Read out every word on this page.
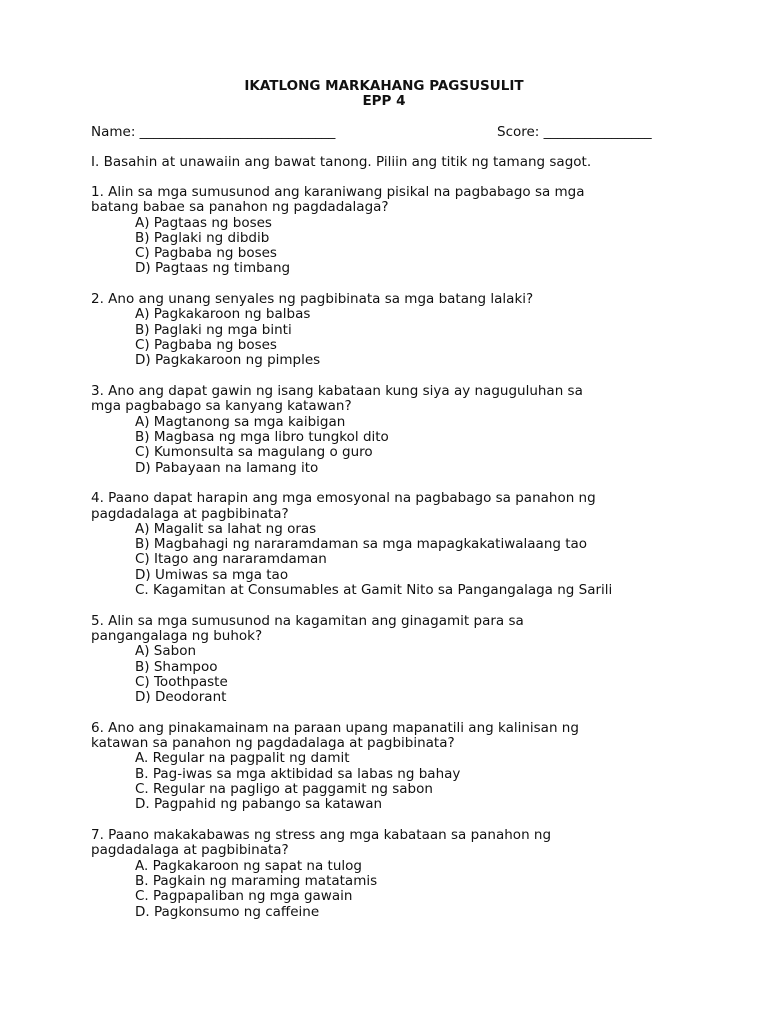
IKATLONG MARKAHANG PAGSUSULIT
EPP 4
Name: _____________________________	Score: ________________
I. Basahin at unawaiin ang bawat tanong. Piliin ang titik ng tamang sagot.
1. Alin sa mga sumusunod ang karaniwang pisikal na pagbabago sa mga
batang babae sa panahon ng pagdadalaga?
A) Pagtaas ng boses
B) Paglaki ng dibdib
C) Pagbaba ng boses
D) Pagtaas ng timbang
2. Ano ang unang senyales ng pagbibinata sa mga batang lalaki?
A) Pagkakaroon ng balbas
B) Paglaki ng mga binti
C) Pagbaba ng boses
D) Pagkakaroon ng pimples
3. Ano ang dapat gawin ng isang kabataan kung siya ay naguguluhan sa
mga pagbabago sa kanyang katawan?
A) Magtanong sa mga kaibigan
B) Magbasa ng mga libro tungkol dito
C) Kumonsulta sa magulang o guro
D) Pabayaan na lamang ito
4. Paano dapat harapin ang mga emosyonal na pagbabago sa panahon ng
pagdadalaga at pagbibinata?
A) Magalit sa lahat ng oras
B) Magbahagi ng nararamdaman sa mga mapagkakatiwalaang tao
C) Itago ang nararamdaman
D) Umiwas sa mga tao
C. Kagamitan at Consumables at Gamit Nito sa Pangangalaga ng Sarili
5. Alin sa mga sumusunod na kagamitan ang ginagamit para sa
pangangalaga ng buhok?
A) Sabon
B) Shampoo
C) Toothpaste
D) Deodorant
6. Ano ang pinakamainam na paraan upang mapanatili ang kalinisan ng
katawan sa panahon ng pagdadalaga at pagbibinata?
A. Regular na pagpalit ng damit
B. Pag-iwas sa mga aktibidad sa labas ng bahay
C. Regular na pagligo at paggamit ng sabon
D. Pagpahid ng pabango sa katawan
7. Paano makakabawas ng stress ang mga kabataan sa panahon ng
pagdadalaga at pagbibinata?
A. Pagkakaroon ng sapat na tulog
B. Pagkain ng maraming matatamis
C. Pagpapaliban ng mga gawain
D. Pagkonsumo ng caffeine
